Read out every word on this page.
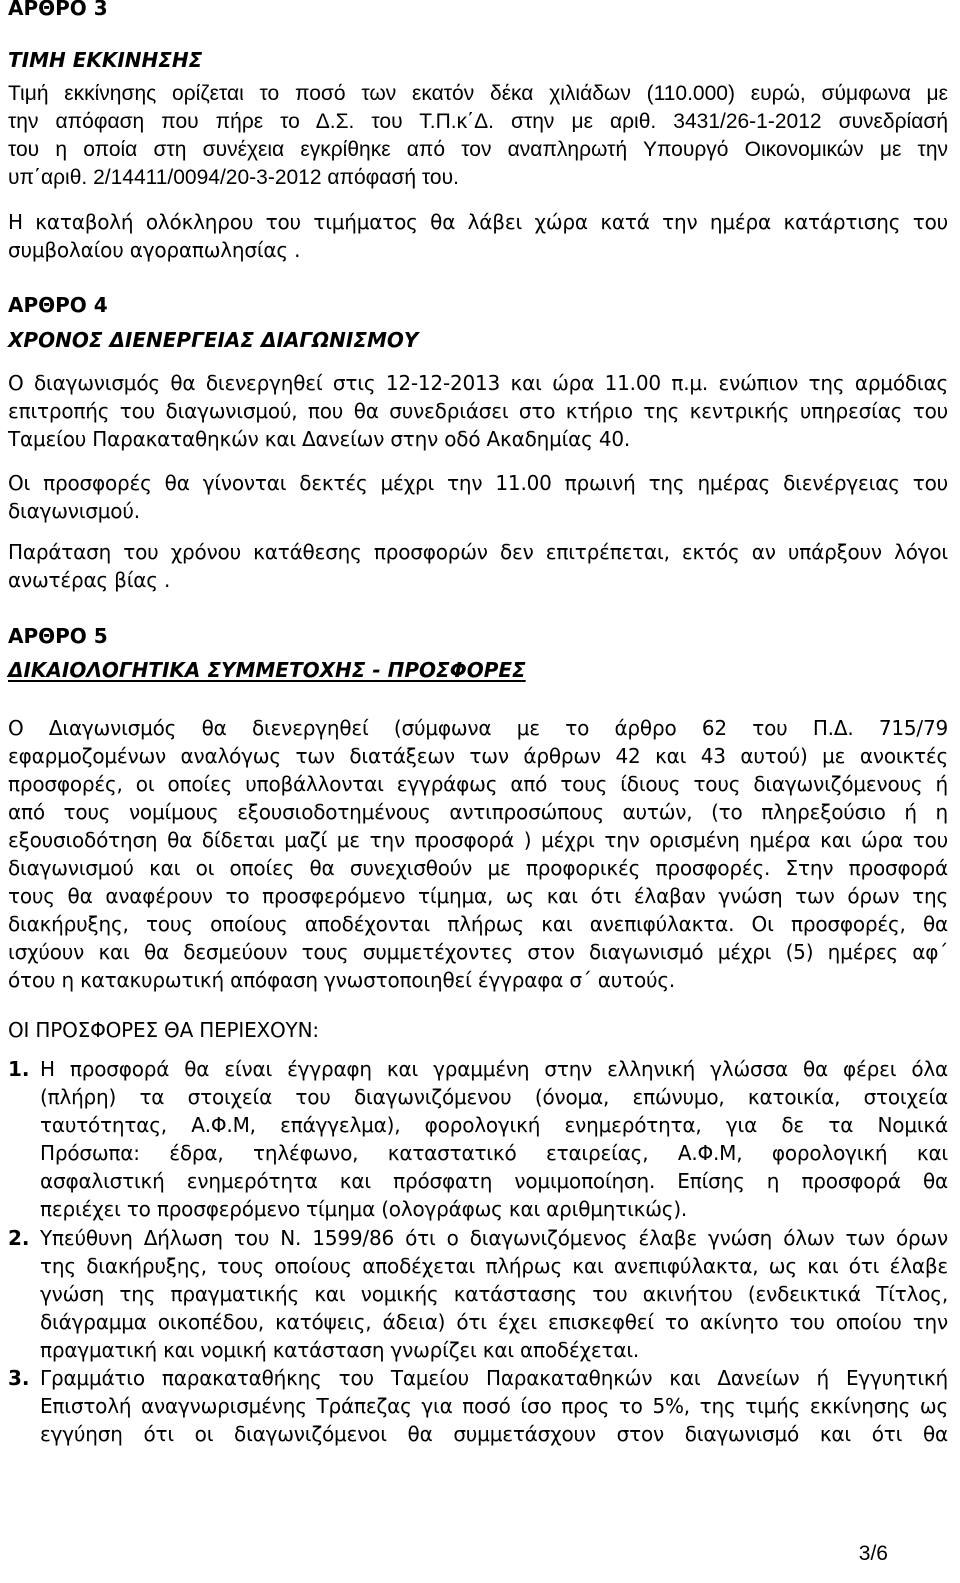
ΑΡΘΡΟ 3
ΤΙΜΗ ΕΚΚΙΝΗΣΗΣ
Τιμή εκκίνησης ορίζεται το ποσό των εκατόν δέκα χιλιάδων (110.000) ευρώ, σύμφωνα με
την απόφαση που πήρε το Δ.Σ. του Τ.Π.κ΄Δ. στην με αριθ. 3431/26-1-2012 συνεδρίασή
του η οποία στη συνέχεια εγκρίθηκε από τον αναπληρωτή Υπουργό Οικονομικών με την
υπ΄αριθ. 2/14411/0094/20-3-2012 απόφασή του.
Η καταβολή ολόκληρου του τιμήματος θα λάβει χώρα κατά την ημέρα κατάρτισης του
συμβολαίου αγοραπωλησίας .
ΑΡΘΡΟ 4
ΧΡΟΝΟΣ ΔΙΕΝΕΡΓΕΙΑΣ ΔΙΑΓΩΝΙΣΜΟΥ
Ο διαγωνισμός θα διενεργηθεί στις 12-12-2013 και ώρα 11.00 π.μ. ενώπιον της αρμόδιας
επιτροπής του διαγωνισμού, που θα συνεδριάσει στο κτήριο της κεντρικής υπηρεσίας του
Ταμείου Παρακαταθηκών και Δανείων στην οδό Ακαδημίας 40.
Οι προσφορές θα γίνονται δεκτές μέχρι την 11.00 πρωινή της ημέρας διενέργειας του
διαγωνισμού.
Παράταση του χρόνου κατάθεσης προσφορών δεν επιτρέπεται, εκτός αν υπάρξουν λόγοι
ανωτέρας βίας .
ΑΡΘΡΟ 5
ΔΙΚΑΙΟΛΟΓΗΤΙΚΑ ΣΥΜΜΕΤΟΧΗΣ - ΠΡΟΣΦΟΡΕΣ
Ο Διαγωνισμός θα διενεργηθεί (σύμφωνα με το άρθρο 62 του Π.Δ. 715/79
εφαρμοζομένων αναλόγως των διατάξεων των άρθρων 42 και 43 αυτού) με ανοικτές
προσφορές, οι οποίες υποβάλλονται εγγράφως από τους ίδιους τους διαγωνιζόμενους ή
από τους νομίμους εξουσιοδοτημένους αντιπροσώπους αυτών, (το πληρεξούσιο ή η
εξουσιοδότηση θα δίδεται μαζί με την προσφορά ) μέχρι την ορισμένη ημέρα και ώρα του
διαγωνισμού και οι οποίες θα συνεχισθούν με προφορικές προσφορές. Στην προσφορά
τους θα αναφέρουν το προσφερόμενο τίμημα, ως και ότι έλαβαν γνώση των όρων της
διακήρυξης, τους οποίους αποδέχονται πλήρως και ανεπιφύλακτα. Οι προσφορές, θα
ισχύουν και θα δεσμεύουν τους συμμετέχοντες στον διαγωνισμό μέχρι (5) ημέρες αφ΄
ότου η κατακυρωτική απόφαση γνωστοποιηθεί έγγραφα σ΄ αυτούς.
ΟΙ ΠΡΟΣΦΟΡΕΣ ΘΑ ΠΕΡΙΕΧΟΥΝ:
1. Η προσφορά θα είναι έγγραφη και γραμμένη στην ελληνική γλώσσα θα φέρει όλα
(πλήρη) τα στοιχεία του διαγωνιζόμενου (όνομα, επώνυμο, κατοικία, στοιχεία
ταυτότητας, Α.Φ.Μ, επάγγελμα), φορολογική ενημερότητα, για δε τα Νομικά
Πρόσωπα: έδρα, τηλέφωνο, καταστατικό εταιρείας, Α.Φ.Μ, φορολογική και
ασφαλιστική ενημερότητα και πρόσφατη νομιμοποίηση. Επίσης η προσφορά θα
περιέχει το προσφερόμενο τίμημα (ολογράφως και αριθμητικώς).
2. Υπεύθυνη Δήλωση του Ν. 1599/86 ότι ο διαγωνιζόμενος έλαβε γνώση όλων των όρων
της διακήρυξης, τους οποίους αποδέχεται πλήρως και ανεπιφύλακτα, ως και ότι έλαβε
γνώση της πραγματικής και νομικής κατάστασης του ακινήτου (ενδεικτικά Τίτλος,
διάγραμμα οικοπέδου, κατόψεις, άδεια) ότι έχει επισκεφθεί το ακίνητο του οποίου την
πραγματική και νομική κατάσταση γνωρίζει και αποδέχεται.
3. Γραμμάτιο παρακαταθήκης του Ταμείου Παρακαταθηκών και Δανείων ή Εγγυητική
Επιστολή αναγνωρισμένης Τράπεζας για ποσό ίσο προς το 5%, της τιμής εκκίνησης ως
εγγύηση ότι οι διαγωνιζόμενοι θα συμμετάσχουν στον διαγωνισμό και ότι θα
3/6
